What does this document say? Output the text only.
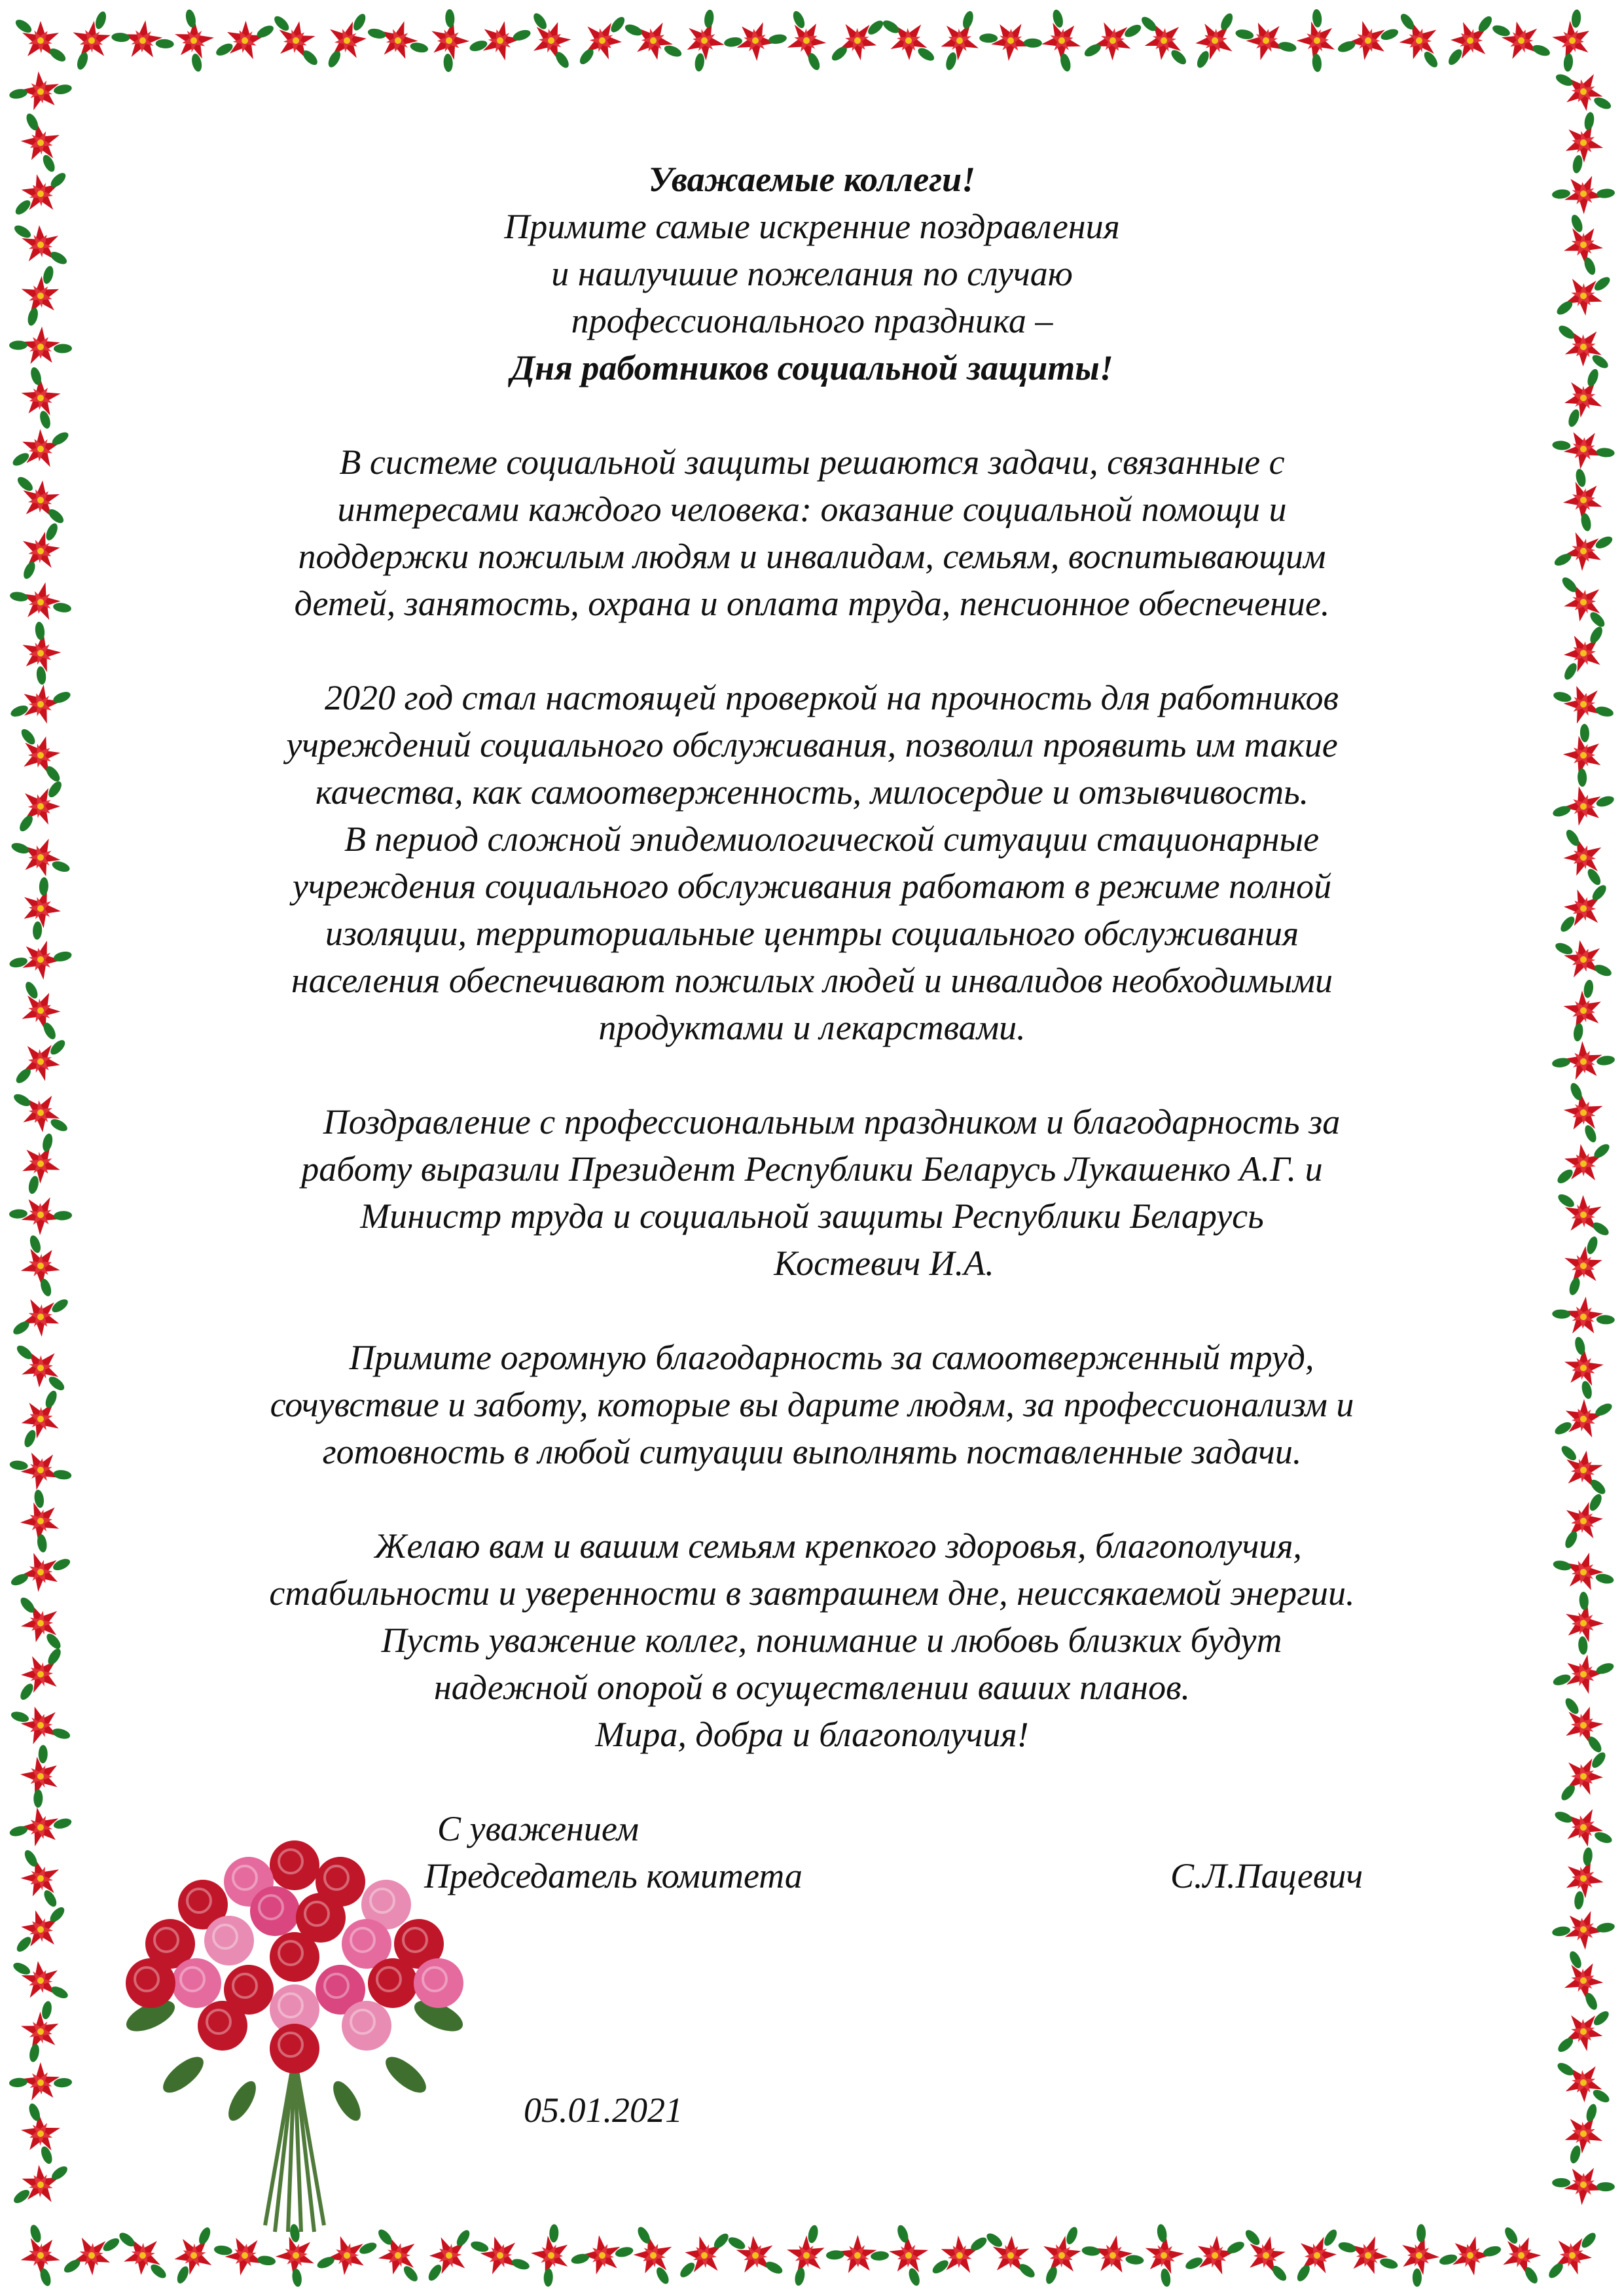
Уважаемые коллеги!
Примите самые искренние поздравления
и наилучшие пожелания по случаю
профессионального праздника –
Дня работников социальной защиты!
В системе социальной защиты решаются задачи, связанные с
интересами каждого человека: оказание социальной помощи и
поддержки пожилым людям и инвалидам, семьям, воспитывающим
детей, занятость, охрана и оплата труда, пенсионное обеспечение.
2020 год стал настоящей проверкой на прочность для работников
учреждений социального обслуживания, позволил проявить им такие
качества, как самоотверженность, милосердие и отзывчивость.
В период сложной эпидемиологической ситуации стационарные
учреждения социального обслуживания работают в режиме полной
изоляции, территориальные центры социального обслуживания
населения обеспечивают пожилых людей и инвалидов необходимыми
продуктами и лекарствами.
Поздравление с профессиональным праздником и благодарность за
работу выразили Президент Республики Беларусь Лукашенко А.Г. и
Министр труда и социальной защиты Республики Беларусь
Костевич И.А.
Примите огромную благодарность за самоотверженный труд,
сочувствие и заботу, которые вы дарите людям, за профессионализм и
готовность в любой ситуации выполнять поставленные задачи.
Желаю вам и вашим семьям крепкого здоровья, благополучия,
стабильности и уверенности в завтрашнем дне, неиссякаемой энергии.
Пусть уважение коллег, понимание и любовь близких будут
надежной опорой в осуществлении ваших планов.
Мира, добра и благополучия!
С уважением
Председатель комитета	С.Л.Пацевич
05.01.2021
